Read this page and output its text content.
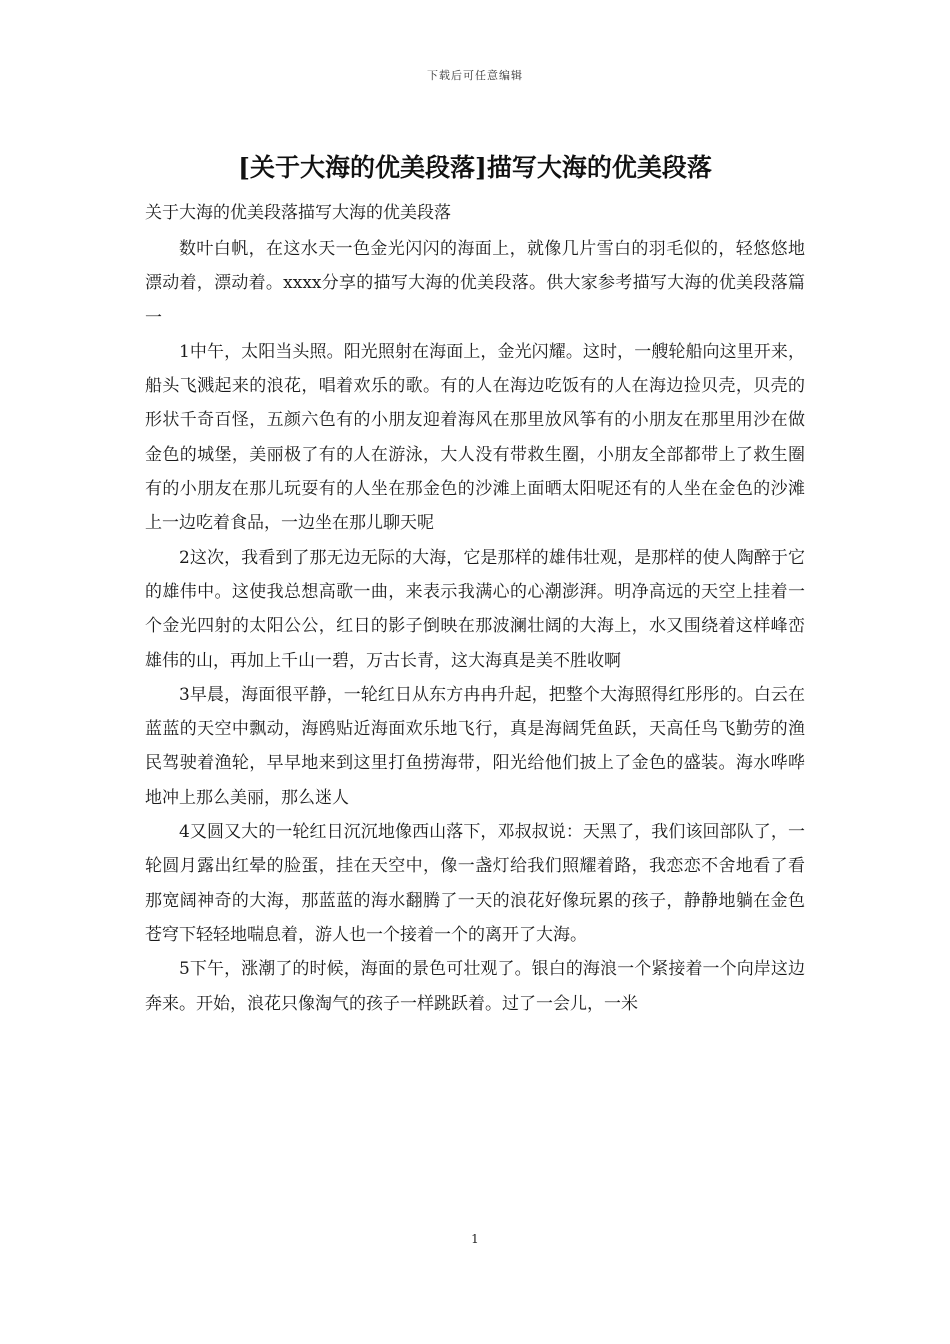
下载后可任意编辑
[关于大海的优美段落]描写大海的优美段落

关于大海的优美段落描写大海的优美段落

数叶白帆，在这水天一色金光闪闪的海面上，就像几片雪白的羽毛似的，轻悠悠地漂动着，漂动着。xxxx分享的描写大海的优美段落。供大家参考描写大海的优美段落篇一

1中午，太阳当头照。阳光照射在海面上，金光闪耀。这时，一艘轮船向这里开来，船头飞溅起来的浪花，唱着欢乐的歌。有的人在海边吃饭有的人在海边捡贝壳，贝壳的形状千奇百怪，五颜六色有的小朋友迎着海风在那里放风筝有的小朋友在那里用沙在做金色的城堡，美丽极了有的人在游泳，大人没有带救生圈，小朋友全部都带上了救生圈有的小朋友在那儿玩耍有的人坐在那金色的沙滩上面晒太阳呢还有的人坐在金色的沙滩上一边吃着食品，一边坐在那儿聊天呢

2这次，我看到了那无边无际的大海，它是那样的雄伟壮观，是那样的使人陶醉于它的雄伟中。这使我总想高歌一曲，来表示我满心的心潮澎湃。明净高远的天空上挂着一个金光四射的太阳公公，红日的影子倒映在那波澜壮阔的大海上，水又围绕着这样峰峦雄伟的山，再加上千山一碧，万古长青，这大海真是美不胜收啊

3早晨，海面很平静，一轮红日从东方冉冉升起，把整个大海照得红彤彤的。白云在蓝蓝的天空中飘动，海鸥贴近海面欢乐地飞行，真是海阔凭鱼跃，天高任鸟飞勤劳的渔民驾驶着渔轮，早早地来到这里打鱼捞海带，阳光给他们披上了金色的盛装。海水哗哗地冲上那么美丽，那么迷人

4又圆又大的一轮红日沉沉地像西山落下，邓叔叔说：天黑了，我们该回部队了，一轮圆月露出红晕的脸蛋，挂在天空中，像一盏灯给我们照耀着路，我恋恋不舍地看了看那宽阔神奇的大海，那蓝蓝的海水翻腾了一天的浪花好像玩累的孩子，静静地躺在金色苍穹下轻轻地喘息着，游人也一个接着一个的离开了大海。

5下午，涨潮了的时候，海面的景色可壮观了。银白的海浪一个紧接着一个向岸这边奔来。开始，浪花只像淘气的孩子一样跳跃着。过了一会儿，一米

1
